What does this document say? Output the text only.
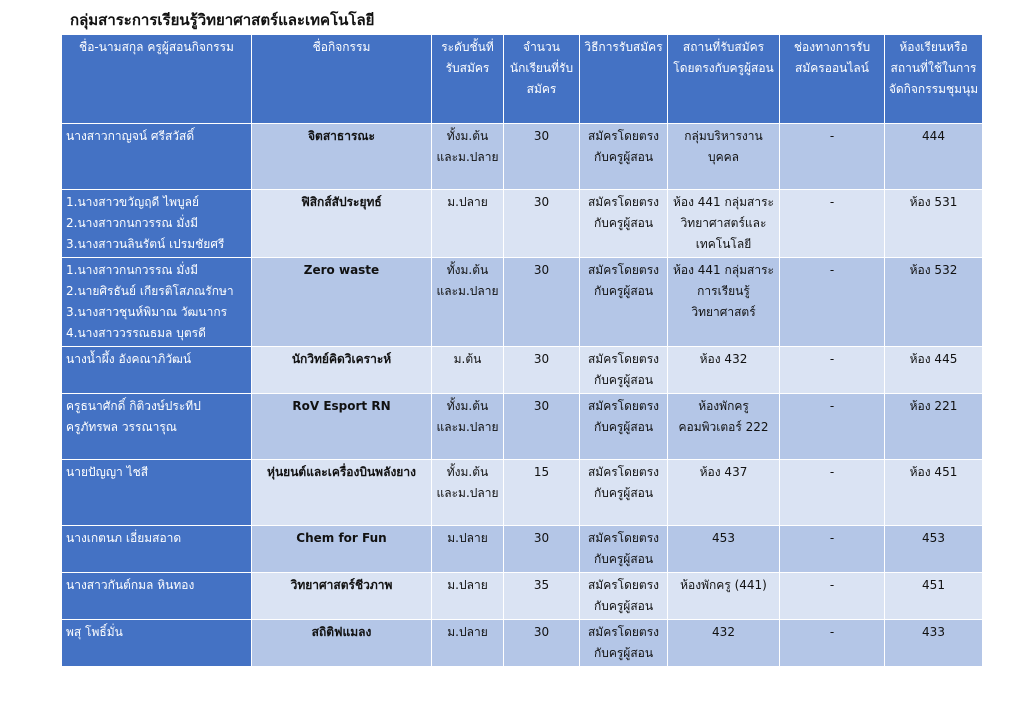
กลุ่มสาระการเรียนรู้วิทยาศาสตร์และเทคโนโลยี
ชื่อ-นามสกุล ครูผู้สอนกิจกรรม	ชื่อกิจกรรม	ระดับชั้นที่รับสมัคร	จำนวนนักเรียนที่รับสมัคร	วิธีการรับสมัคร	สถานที่รับสมัครโดยตรงกับครูผู้สอน	ช่องทางการรับสมัครออนไลน์	ห้องเรียนหรือสถานที่ใช้ในการจัดกิจกรรมชุมนุม

นางสาวกาญจน์ ศรีสวัสดิ์	จิตสาธารณะ	ทั้งม.ต้นและม.ปลาย	30	สมัครโดยตรงกับครูผู้สอน	กลุ่มบริหารงานบุคคล	-	444

1.นางสาวขวัญฤดี ไพบูลย์
2.นางสาวกนกวรรณ มั่งมี
3.นางสาวนลินรัตน์ เปรมชัยศรี	ฟิสิกส์สัประยุทธ์	ม.ปลาย	30	สมัครโดยตรงกับครูผู้สอน	ห้อง 441 กลุ่มสาระวิทยาศาสตร์และเทคโนโลยี	-	ห้อง 531

1.นางสาวกนกวรรณ มั่งมี
2.นายศิรธันย์ เกียรติโสภณรักษา
3.นางสาวชุนห์พิมาณ วัฒนากร
4.นางสาววรรณธมล บุตรดี	Zero waste	ทั้งม.ต้นและม.ปลาย	30	สมัครโดยตรงกับครูผู้สอน	ห้อง 441 กลุ่มสาระการเรียนรู้วิทยาศาสตร์	-	ห้อง 532

นางน้ำผึ้ง อังคณาภิวัฒน์	นักวิทย์คิดวิเคราะห์	ม.ต้น	30	สมัครโดยตรงกับครูผู้สอน	ห้อง 432	-	ห้อง 445

ครูธนาศักดิ์ กิติวงษ์ประทีป
ครูภัทรพล วรรณารุณ	RoV Esport RN	ทั้งม.ต้นและม.ปลาย	30	สมัครโดยตรงกับครูผู้สอน	ห้องพักครูคอมพิวเตอร์ 222	-	ห้อง 221

นายปัญญา ไชสี	หุ่นยนต์และเครื่องบินพลังยาง	ทั้งม.ต้นและม.ปลาย	15	สมัครโดยตรงกับครูผู้สอน	ห้อง 437	-	ห้อง 451

นางเกตนภ เอี่ยมสอาด	Chem for Fun	ม.ปลาย	30	สมัครโดยตรงกับครูผู้สอน	453	-	453

นางสาวกันต์กมล หินทอง	วิทยาศาสตร์ชีวภาพ	ม.ปลาย	35	สมัครโดยตรงกับครูผู้สอน	ห้องพักครู (441)	-	451

พสุ โพธิ์มั่น	สถิติฟแมลง	ม.ปลาย	30	สมัครโดยตรงกับครูผู้สอน	432	-	433
